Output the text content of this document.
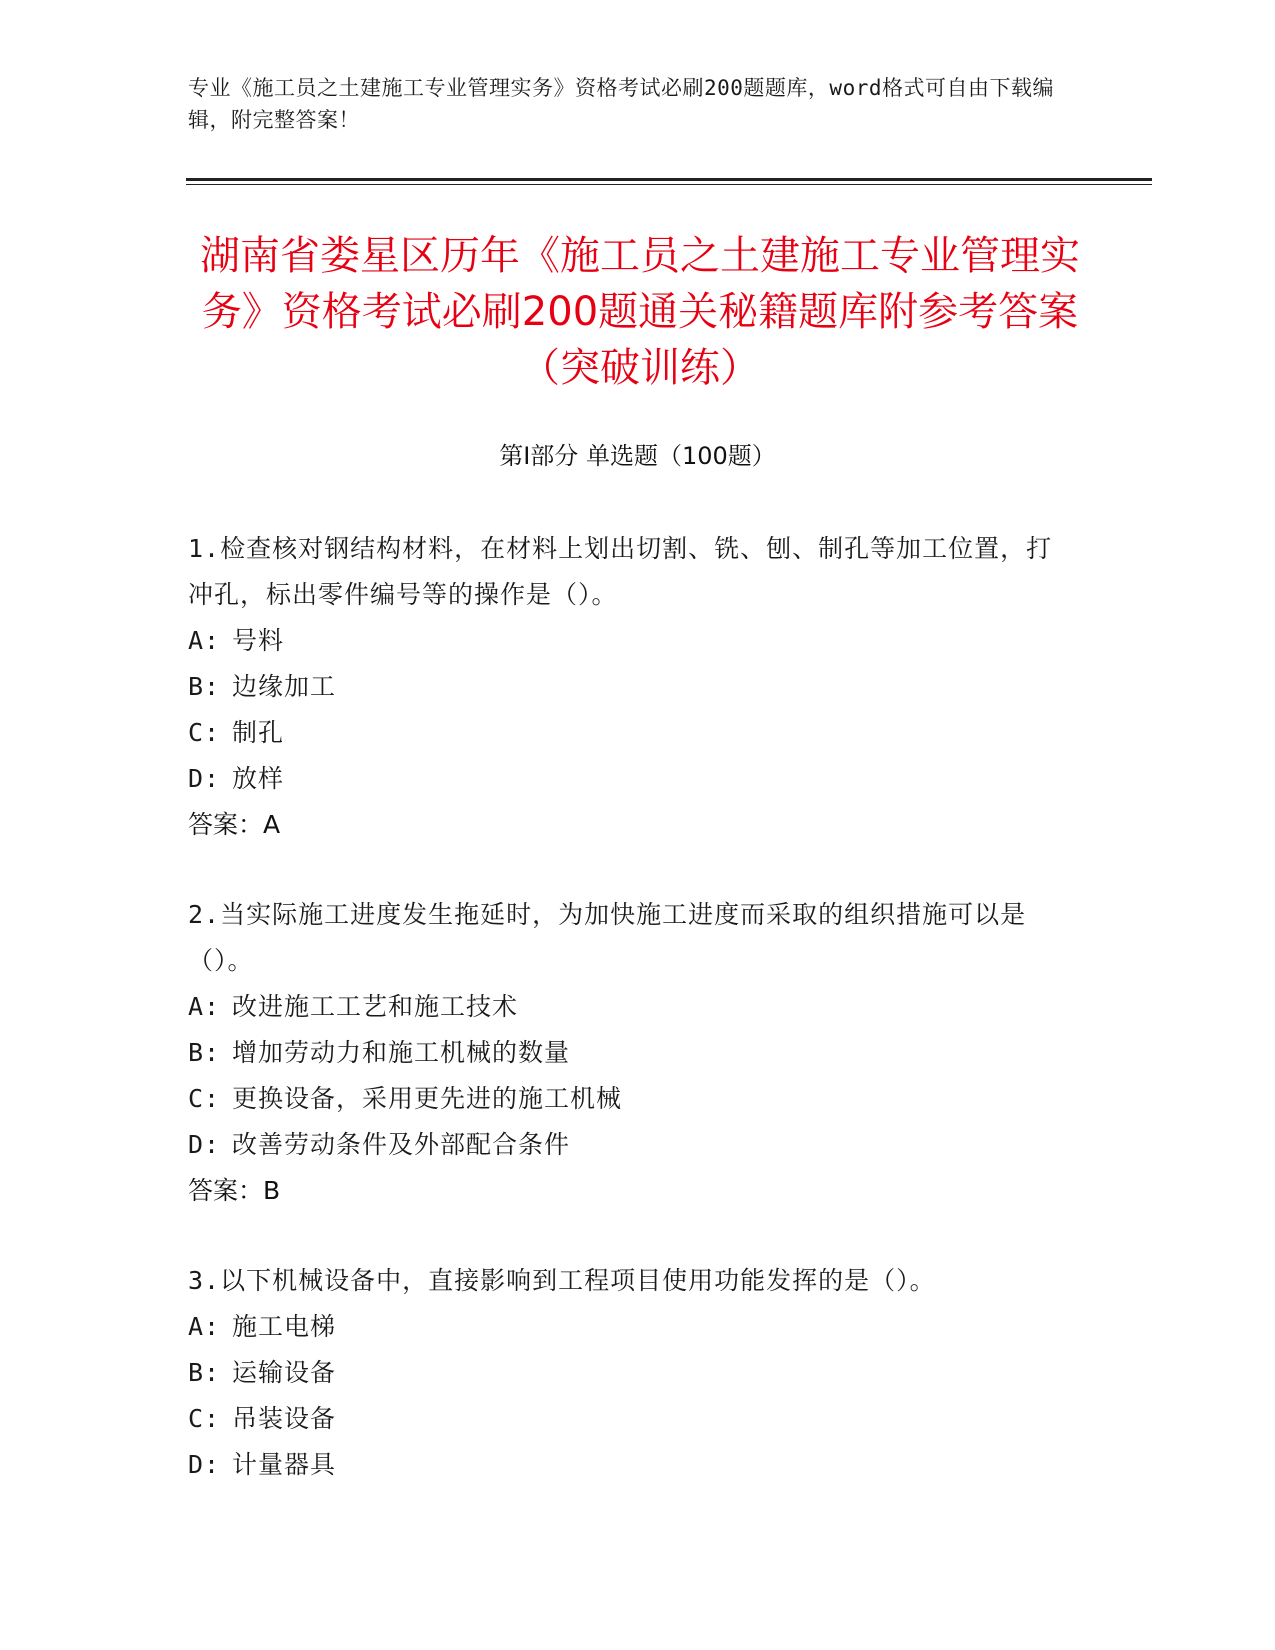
专业《施工员之土建施工专业管理实务》资格考试必刷200题题库，word格式可自由下载编辑，附完整答案！
湖南省娄星区历年《施工员之土建施工专业管理实务》资格考试必刷200题通关秘籍题库附参考答案（突破训练）
第Ⅰ部分 单选题（100题）
1.检查核对钢结构材料，在材料上划出切割、铣、刨、制孔等加工位置，打冲孔，标出零件编号等的操作是（）。
A: 号料
B: 边缘加工
C: 制孔
D: 放样
答案：A
2.当实际施工进度发生拖延时，为加快施工进度而采取的组织措施可以是（）。
A: 改进施工工艺和施工技术
B: 增加劳动力和施工机械的数量
C: 更换设备，采用更先进的施工机械
D: 改善劳动条件及外部配合条件
答案：B
3.以下机械设备中，直接影响到工程项目使用功能发挥的是（）。
A: 施工电梯
B: 运输设备
C: 吊装设备
D: 计量器具
